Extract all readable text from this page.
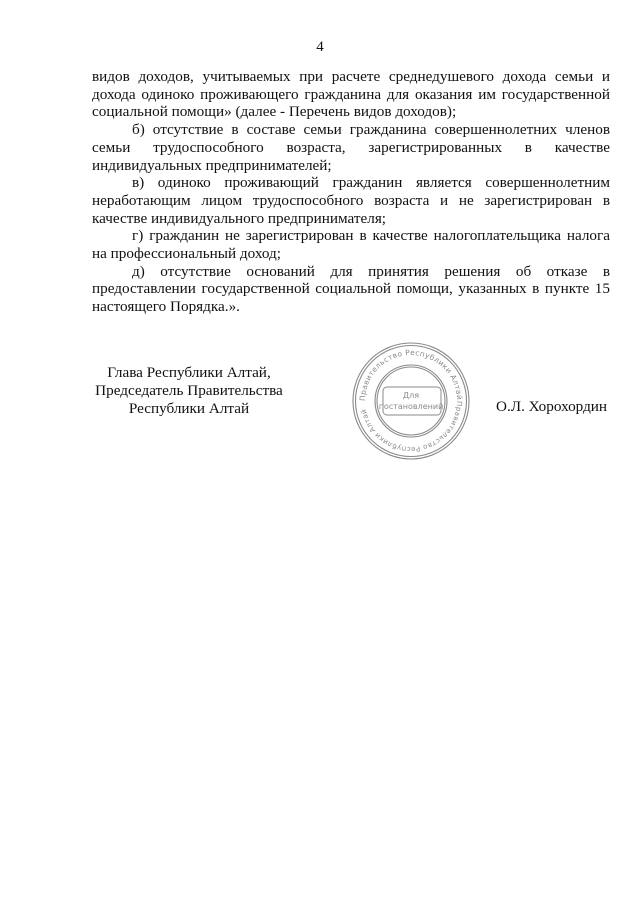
4

видов доходов, учитываемых при расчете среднедушевого дохода семьи и дохода одиноко проживающего гражданина для оказания им государственной социальной помощи» (далее - Перечень видов доходов);

б) отсутствие в составе семьи гражданина совершеннолетних членов семьи трудоспособного возраста, зарегистрированных в качестве индивидуальных предпринимателей;

в) одиноко проживающий гражданин является совершеннолетним неработающим лицом трудоспособного возраста и не зарегистрирован в качестве индивидуального предпринимателя;

г) гражданин не зарегистрирован в качестве налогоплательщика налога на профессиональный доход;

д) отсутствие оснований для принятия решения об отказе в предоставлении государственной социальной помощи, указанных в пункте 15 настоящего Порядка.».

Глава Республики Алтай,
Председатель Правительства
Республики Алтай
Правительство Республики Алтай
Правительство Республики Алтай
Для
постановлений	О.Л. Хорохордин
